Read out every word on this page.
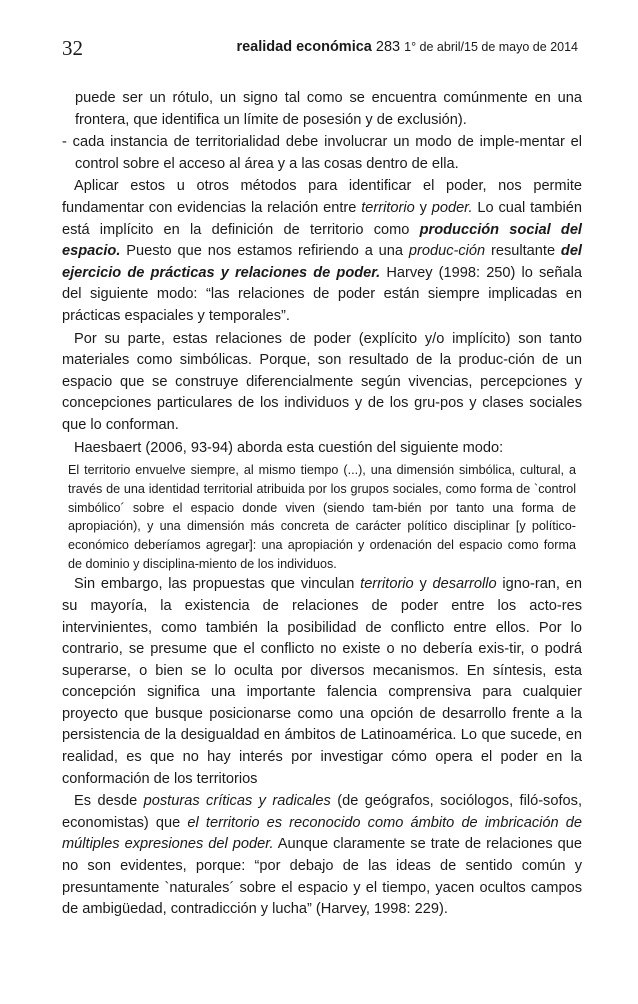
32	realidad económica 283 1° de abril/15 de mayo de 2014

puede ser un rótulo, un signo tal como se encuentra comúnmente en una frontera, que identifica un límite de posesión y de exclusión).

- cada instancia de territorialidad debe involucrar un modo de imple-mentar el control sobre el acceso al área y a las cosas dentro de ella.

Aplicar estos u otros métodos para identificar el poder, nos permite fundamentar con evidencias la relación entre territorio y poder. Lo cual también está implícito en la definición de territorio como producción social del espacio. Puesto que nos estamos refiriendo a una produc-ción resultante del ejercicio de prácticas y relaciones de poder. Harvey (1998: 250) lo señala del siguiente modo: “las relaciones de poder están siempre implicadas en prácticas espaciales y temporales”.

Por su parte, estas relaciones de poder (explícito y/o implícito) son tanto materiales como simbólicas. Porque, son resultado de la produc-ción de un espacio que se construye diferencialmente según vivencias, percepciones y concepciones particulares de los individuos y de los gru-pos y clases sociales que lo conforman.

Haesbaert (2006, 93-94) aborda esta cuestión del siguiente modo:

El territorio envuelve siempre, al mismo tiempo (...), una dimensión simbólica, cultural, a través de una identidad territorial atribuida por los grupos sociales, como forma de `control simbólico´ sobre el espacio donde viven (siendo tam-bién por tanto una forma de apropiación), y una dimensión más concreta de carácter político disciplinar [y político-económico deberíamos agregar]: una apropiación y ordenación del espacio como forma de dominio y disciplina-miento de los individuos.

Sin embargo, las propuestas que vinculan territorio y desarrollo igno-ran, en su mayoría, la existencia de relaciones de poder entre los acto-res intervinientes, como también la posibilidad de conflicto entre ellos. Por lo contrario, se presume que el conflicto no existe o no debería exis-tir, o podrá superarse, o bien se lo oculta por diversos mecanismos. En síntesis, esta concepción significa una importante falencia comprensiva para cualquier proyecto que busque posicionarse como una opción de desarrollo frente a la persistencia de la desigualdad en ámbitos de Latinoamérica. Lo que sucede, en realidad, es que no hay interés por investigar cómo opera el poder en la conformación de los territorios

Es desde posturas críticas y radicales (de geógrafos, sociólogos, filó-sofos, economistas) que el territorio es reconocido como ámbito de imbricación de múltiples expresiones del poder. Aunque claramente se trate de relaciones que no son evidentes, porque: “por debajo de las ideas de sentido común y presuntamente `naturales´ sobre el espacio y el tiempo, yacen ocultos campos de ambigüedad, contradicción y lucha” (Harvey, 1998: 229).
